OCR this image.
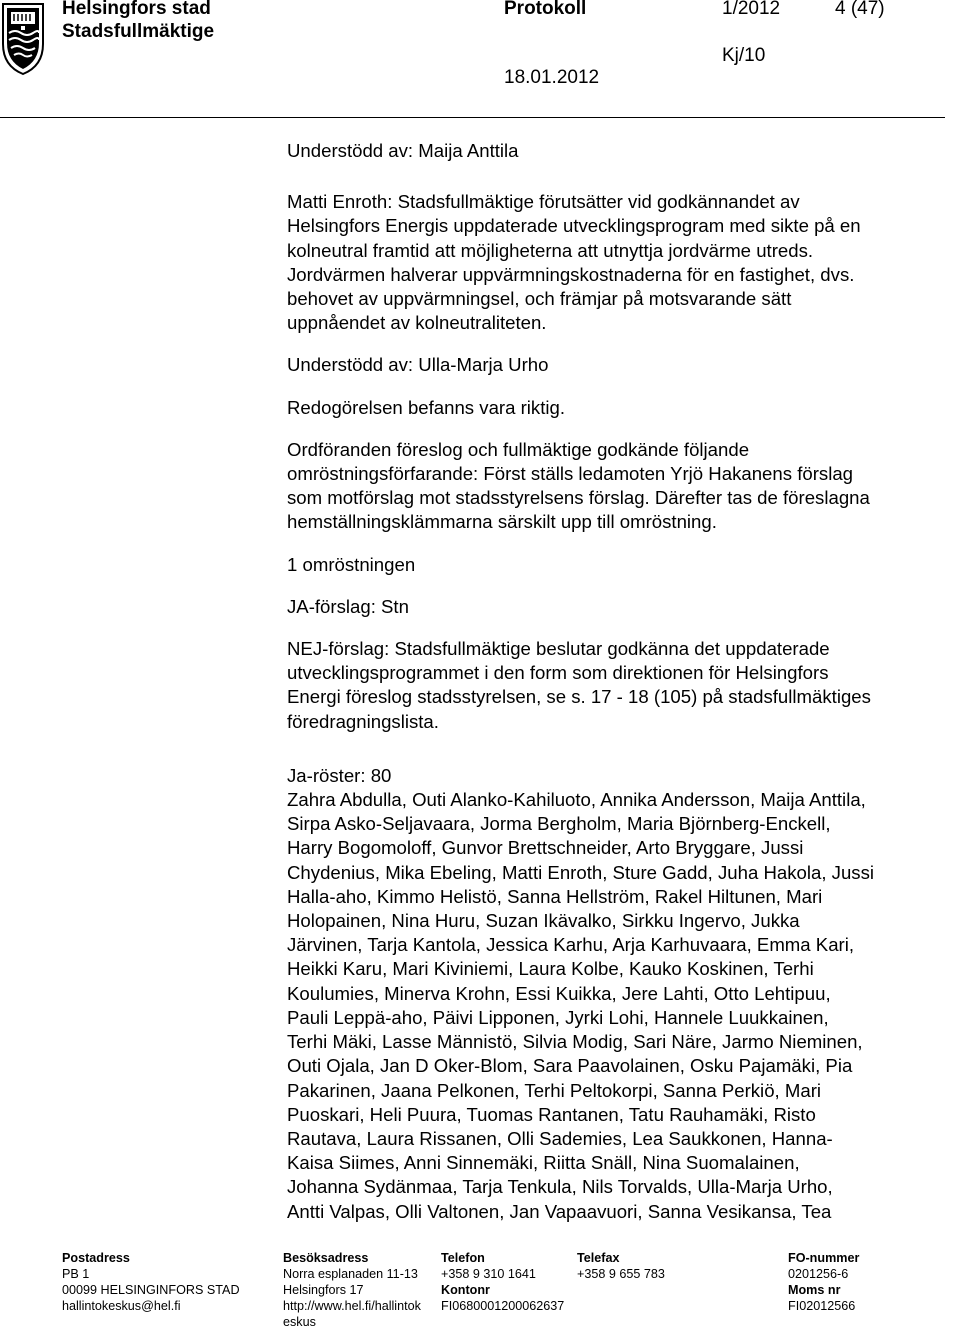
Helsingfors stad
Stadsfullmäktige
Protokoll	1/2012	4 (47)
Kj/10
18.01.2012

Understödd av: Maija Anttila

Matti Enroth: Stadsfullmäktige förutsätter vid godkännandet av
Helsingfors Energis uppdaterade utvecklingsprogram med sikte på en
kolneutral framtid att möjligheterna att utnyttja jordvärme utreds.
Jordvärmen halverar uppvärmningskostnaderna för en fastighet, dvs.
behovet av uppvärmningsel, och främjar på motsvarande sätt
uppnåendet av kolneutraliteten.

Understödd av: Ulla-Marja Urho

Redogörelsen befanns vara riktig.

Ordföranden föreslog och fullmäktige godkände följande
omröstningsförfarande: Först ställs ledamoten Yrjö Hakanens förslag
som motförslag mot stadsstyrelsens förslag. Därefter tas de föreslagna
hemställningsklämmarna särskilt upp till omröstning.

1 omröstningen

JA-förslag: Stn

NEJ-förslag: Stadsfullmäktige beslutar godkänna det uppdaterade
utvecklingsprogrammet i den form som direktionen för Helsingfors
Energi föreslog stadsstyrelsen, se s. 17 - 18 (105) på stadsfullmäktiges
föredragningslista.

Ja-röster: 80
Zahra Abdulla, Outi Alanko-Kahiluoto, Annika Andersson, Maija Anttila,
Sirpa Asko-Seljavaara, Jorma Bergholm, Maria Björnberg-Enckell,
Harry Bogomoloff, Gunvor Brettschneider, Arto Bryggare, Jussi
Chydenius, Mika Ebeling, Matti Enroth, Sture Gadd, Juha Hakola, Jussi
Halla-aho, Kimmo Helistö, Sanna Hellström, Rakel Hiltunen, Mari
Holopainen, Nina Huru, Suzan Ikävalko, Sirkku Ingervo, Jukka
Järvinen, Tarja Kantola, Jessica Karhu, Arja Karhuvaara, Emma Kari,
Heikki Karu, Mari Kiviniemi, Laura Kolbe, Kauko Koskinen, Terhi
Koulumies, Minerva Krohn, Essi Kuikka, Jere Lahti, Otto Lehtipuu,
Pauli Leppä-aho, Päivi Lipponen, Jyrki Lohi, Hannele Luukkainen,
Terhi Mäki, Lasse Männistö, Silvia Modig, Sari Näre, Jarmo Nieminen,
Outi Ojala, Jan D Oker-Blom, Sara Paavolainen, Osku Pajamäki, Pia
Pakarinen, Jaana Pelkonen, Terhi Peltokorpi, Sanna Perkiö, Mari
Puoskari, Heli Puura, Tuomas Rantanen, Tatu Rauhamäki, Risto
Rautava, Laura Rissanen, Olli Sademies, Lea Saukkonen, Hanna-
Kaisa Siimes, Anni Sinnemäki, Riitta Snäll, Nina Suomalainen,
Johanna Sydänmaa, Tarja Tenkula, Nils Torvalds, Ulla-Marja Urho,
Antti Valpas, Olli Valtonen, Jan Vapaavuori, Sanna Vesikansa, Tea

Postadress
PB 1
00099 HELSINGINFORS STAD
hallintokeskus@hel.fi
Besöksadress
Norra esplanaden 11-13
Helsingfors 17
http://www.hel.fi/hallintok
eskus
Telefon
+358 9 310 1641
Kontonr
FI0680001200062637
Telefax
+358 9 655 783
FO-nummer
0201256-6
Moms nr
FI02012566
